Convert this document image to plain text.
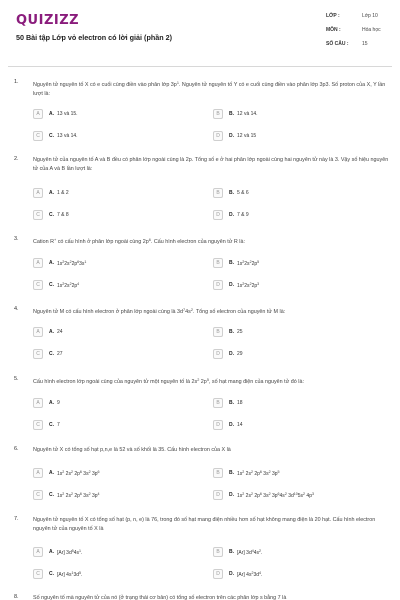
QUIZIZZ
50 Bài tập Lớp vỏ electron có lời giải (phần 2)
LỚP :	Lớp 10
MÔN :	Hóa học
SỐ CÂU :	15
1.
Nguyên tử nguyên tố X có e cuối cùng điền vào phân lớp $3p^1$. Nguyên tử nguyên tố Y có e cuối cùng điền vào phân lớp 3p3. Số proton của X, Y lần lượt là:
A	A. 13 và 15.	B	B. 12 và 14.
C	C. 13 và 14.	D	D. 12 và 15
2.	Nguyên tử của nguyên tố A và B đều có phân lớp ngoài cùng là 2p. Tổng số e ở hai phân lớp ngoài cùng hai nguyên tử này là 3. Vậy số hiệu nguyên tử của A và B lần lượt là:
A	A. 1 & 2	B	B. 5 & 6
C	C. 7 & 8	D	D. 7 & 9
3.
Cation R+ có cấu hình ở phân lớp ngoài cùng $2p^6$. Cấu hình electron của nguyên tử R là:
A	A. $1s^22s^22p^63s^1$	B	B. $1s^22s^22p^5$
C	C. $1s^22s^22p^4$	D	D. $1s^22s^22p^3$
4.
Nguyên tử M có cấu hình electron ở phân lớp ngoài cùng là $3d^74s^2$. Tổng số electron của nguyên tử M là:
A	A. 24	B	B. 25
C	C. 27	D	D. 29
5.
Cấu hình electron lớp ngoài cùng của nguyên tử một nguyên tố là $2s^2$ $2p^5$, số hạt mang điện của nguyên tử đó là:
A	A. 9	B	B. 18
C	C. 7	D	D. 14
6.	Nguyên tử X có tổng số hạt p,n,e là 52 và số khối là 35. Cấu hình electron của X là
A	A. $1s^2$ $2s^2$ $2p^6$ $3s^2$ $3p^6$	B	B. $1s^2$ $2s^2$ $2p^6$ $3s^2$ $3p^5$
C	C. $1s^2$ $2s^2$ $2p^6$ $3s^2$ $3p^4$	D	D. $1s^2$ $2s^2$ $2p^6$ $3s^2$ $3p^64s^2$ $3d^{10}5s^2$ $4p^3$
7.	Nguyên tử nguyên tố X có tổng số hạt (p, n, e) là 76, trong đó số hạt mang điện nhiều hơn số hạt không mang điện là 20 hạt. Cấu hình electron nguyên tử của nguyên tố X là
A	A. [Ar] $3d^54s^1$.	B	B. [Ar] $3d^44s^2$.
C	C. [Ar] $4s^13d^5$.	D	D. [Ar] $4s^23d^4$.
8.	Số nguyên tố mà nguyên tử của nó (ở trạng thái cơ bản) có tổng số electron trên các phân lớp s bằng 7 là
